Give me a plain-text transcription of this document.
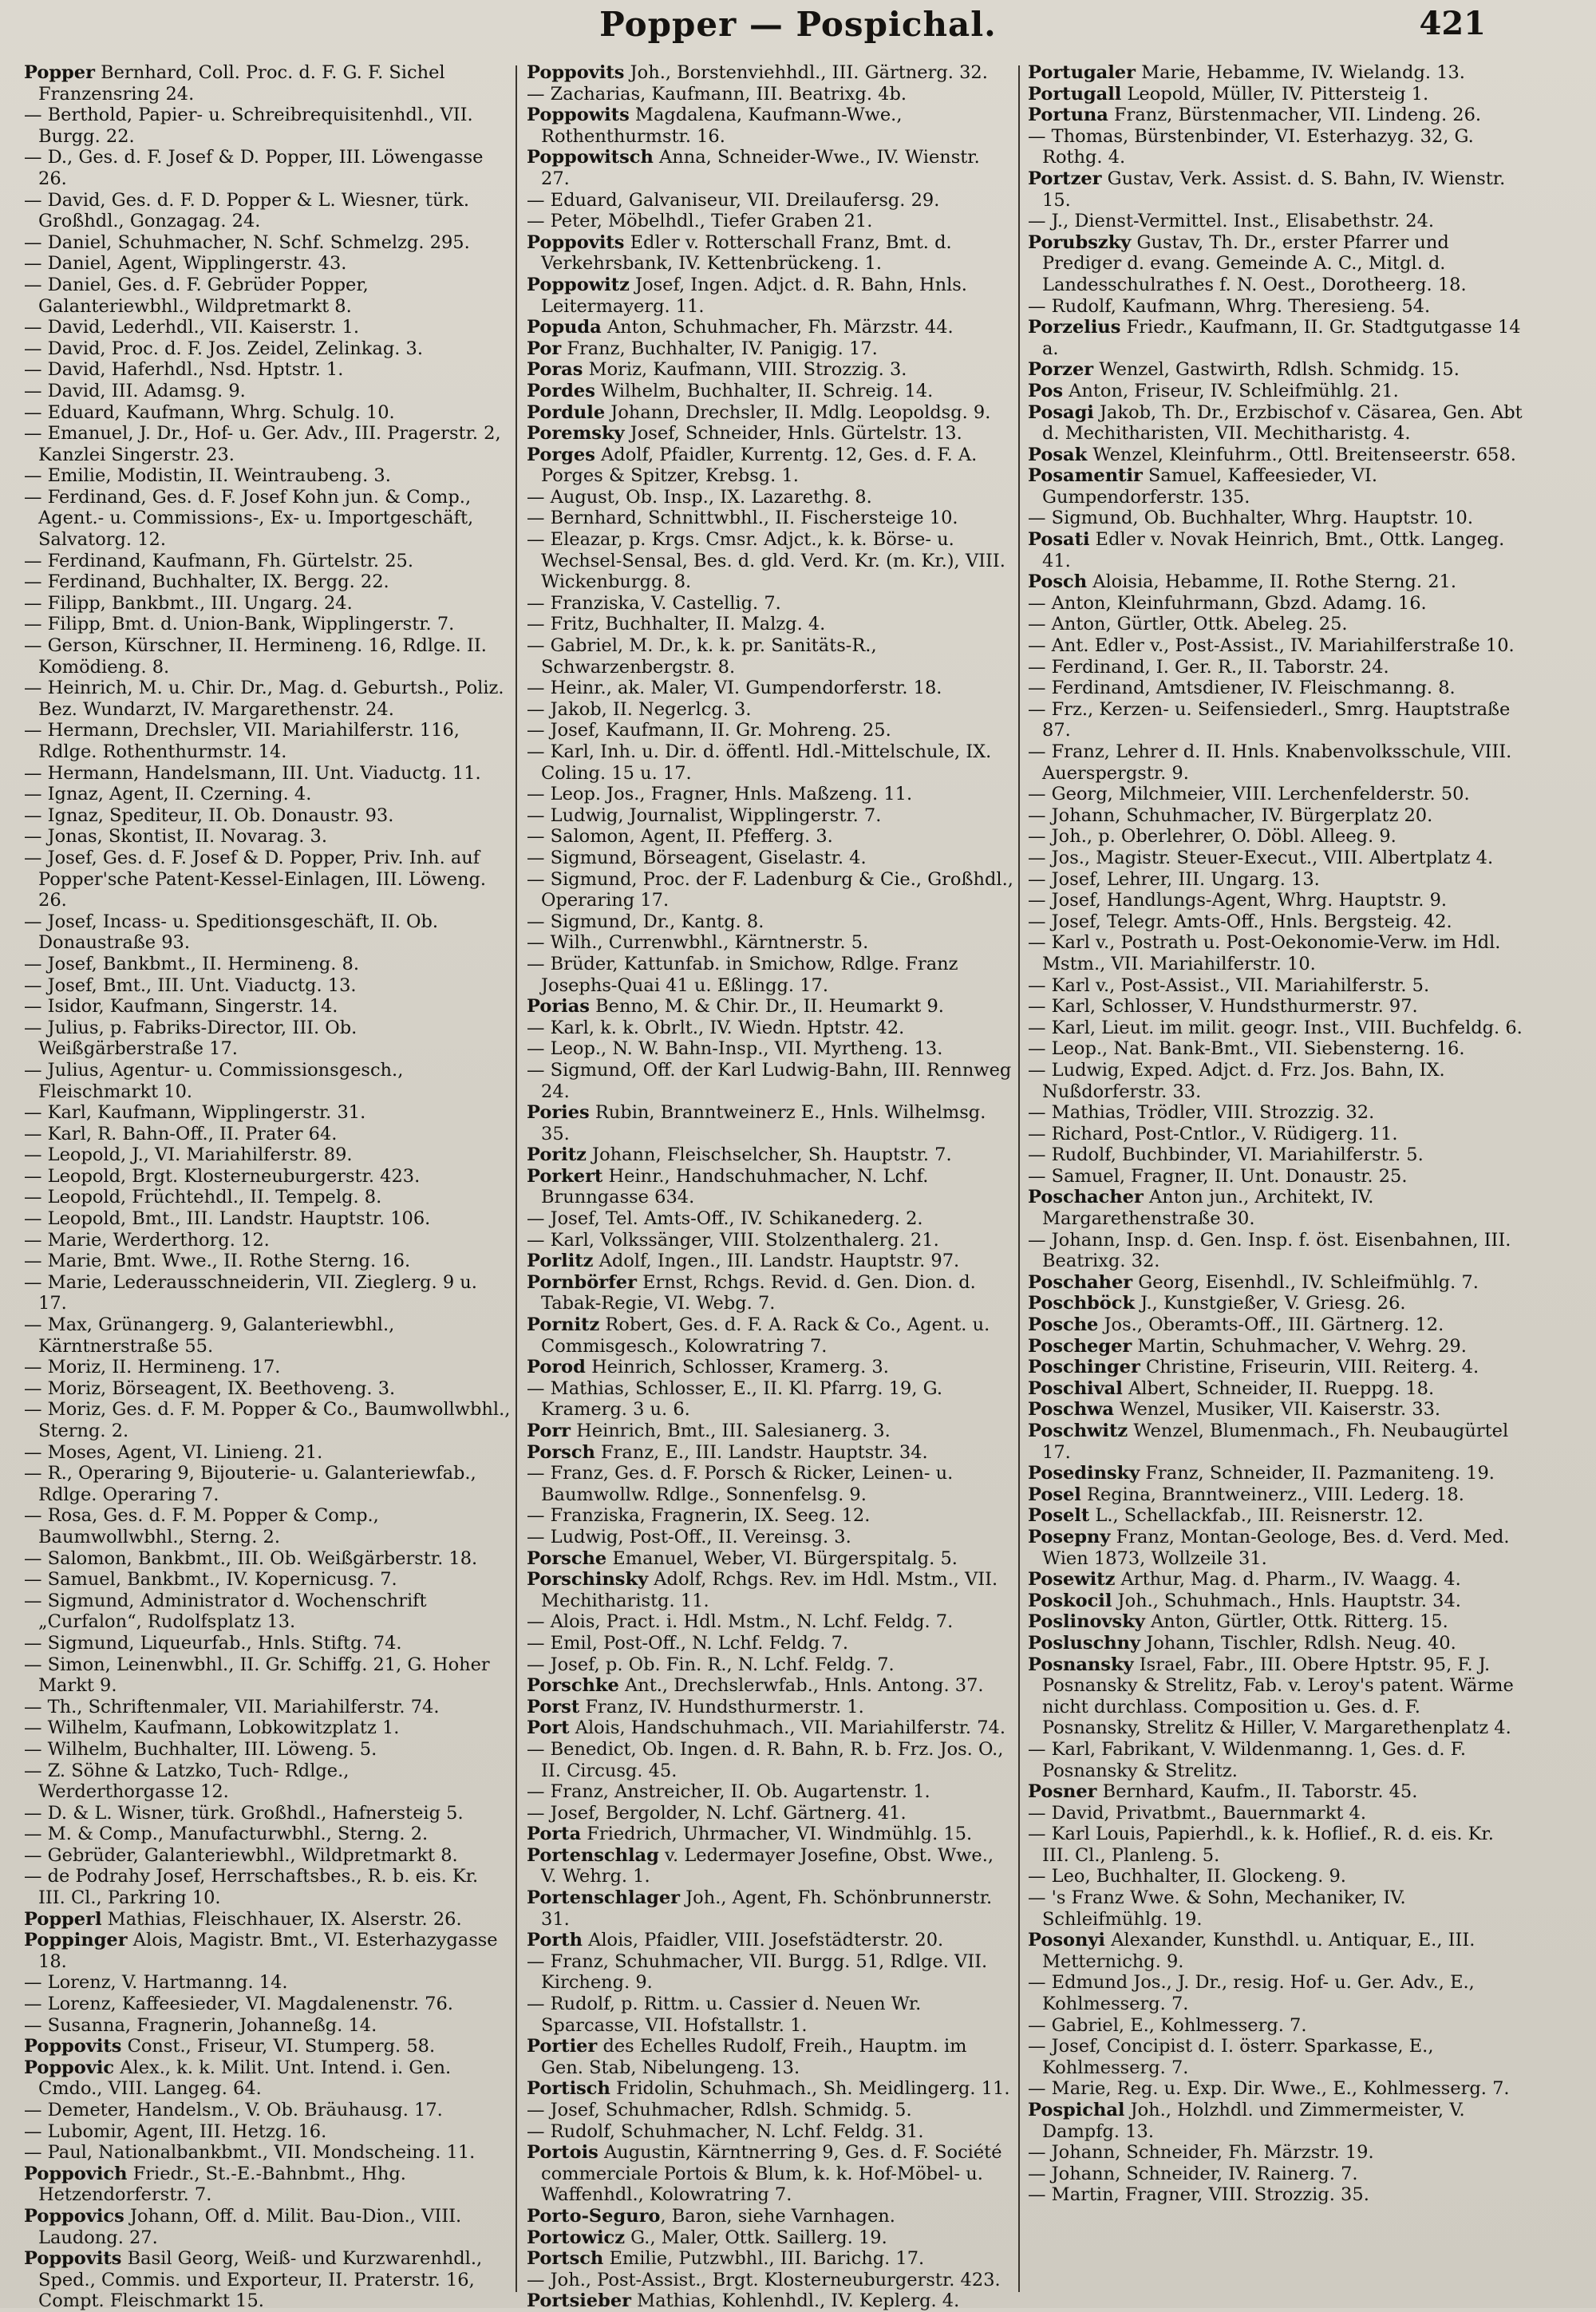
Popper — Pospichal.	421
Popper Bernhard, Coll. Proc. d. F. G. F. Sichel Franzensring 24.
— Berthold, Papier- u. Schreibrequisitenhdl., VII. Burgg. 22.
— D., Ges. d. F. Josef & D. Popper, III. Löwengasse 26.
— David, Ges. d. F. D. Popper & L. Wiesner, türk. Großhdl., Gonzagag. 24.
— Daniel, Schuhmacher, N. Schf. Schmelzg. 295.
— Daniel, Agent, Wipplingerstr. 43.
— Daniel, Ges. d. F. Gebrüder Popper, Galanteriewbhl., Wildpretmarkt 8.
— David, Lederhdl., VII. Kaiserstr. 1.
— David, Proc. d. F. Jos. Zeidel, Zelinkag. 3.
— David, Haferhdl., Nsd. Hptstr. 1.
— David, III. Adamsg. 9.
— Eduard, Kaufmann, Whrg. Schulg. 10.
— Emanuel, J. Dr., Hof- u. Ger. Adv., III. Pragerstr. 2, Kanzlei Singerstr. 23.
— Emilie, Modistin, II. Weintraubeng. 3.
— Ferdinand, Ges. d. F. Josef Kohn jun. & Comp., Agent.- u. Commissions-, Ex- u. Importgeschäft, Salvatorg. 12.
— Ferdinand, Kaufmann, Fh. Gürtelstr. 25.
— Ferdinand, Buchhalter, IX. Bergg. 22.
— Filipp, Bankbmt., III. Ungarg. 24.
— Filipp, Bmt. d. Union-Bank, Wipplingerstr. 7.
— Gerson, Kürschner, II. Hermineng. 16, Rdlge. II. Komödieng. 8.
— Heinrich, M. u. Chir. Dr., Mag. d. Geburtsh., Poliz. Bez. Wundarzt, IV. Margarethenstr. 24.
— Hermann, Drechsler, VII. Mariahilferstr. 116, Rdlge. Rothenthurmstr. 14.
— Hermann, Handelsmann, III. Unt. Viaductg. 11.
— Ignaz, Agent, II. Czerning. 4.
— Ignaz, Spediteur, II. Ob. Donaustr. 93.
— Jonas, Skontist, II. Novarag. 3.
— Josef, Ges. d. F. Josef & D. Popper, Priv. Inh. auf Popper'sche Patent-Kessel-Einlagen, III. Löweng. 26.
— Josef, Incass- u. Speditionsgeschäft, II. Ob. Donaustraße 93.
— Josef, Bankbmt., II. Hermineng. 8.
— Josef, Bmt., III. Unt. Viaductg. 13.
— Isidor, Kaufmann, Singerstr. 14.
— Julius, p. Fabriks-Director, III. Ob. Weißgärberstraße 17.
— Julius, Agentur- u. Commissionsgesch., Fleischmarkt 10.
— Karl, Kaufmann, Wipplingerstr. 31.
— Karl, R. Bahn-Off., II. Prater 64.
— Leopold, J., VI. Mariahilferstr. 89.
— Leopold, Brgt. Klosterneuburgerstr. 423.
— Leopold, Früchtehdl., II. Tempelg. 8.
— Leopold, Bmt., III. Landstr. Hauptstr. 106.
— Marie, Werderthorg. 12.
— Marie, Bmt. Wwe., II. Rothe Sterng. 16.
— Marie, Lederausschneiderin, VII. Zieglerg. 9 u. 17.
— Max, Grünangerg. 9, Galanteriewbhl., Kärntnerstraße 55.
— Moriz, II. Hermineng. 17.
— Moriz, Börseagent, IX. Beethoveng. 3.
— Moriz, Ges. d. F. M. Popper & Co., Baumwollwbhl., Sterng. 2.
— Moses, Agent, VI. Linieng. 21.
— R., Operaring 9, Bijouterie- u. Galanteriewfab., Rdlge. Operaring 7.
— Rosa, Ges. d. F. M. Popper & Comp., Baumwollwbhl., Sterng. 2.
— Salomon, Bankbmt., III. Ob. Weißgärberstr. 18.
— Samuel, Bankbmt., IV. Kopernicusg. 7.
— Sigmund, Administrator d. Wochenschrift „Curfalon“, Rudolfsplatz 13.
— Sigmund, Liqueurfab., Hnls. Stiftg. 74.
— Simon, Leinenwbhl., II. Gr. Schiffg. 21, G. Hoher Markt 9.
— Th., Schriftenmaler, VII. Mariahilferstr. 74.
— Wilhelm, Kaufmann, Lobkowitzplatz 1.
— Wilhelm, Buchhalter, III. Löweng. 5.
— Z. Söhne & Latzko, Tuch- Rdlge., Werderthorgasse 12.
— D. & L. Wisner, türk. Großhdl., Hafnersteig 5.
— M. & Comp., Manufacturwbhl., Sterng. 2.
— Gebrüder, Galanteriewbhl., Wildpretmarkt 8.
— de Podrahy Josef, Herrschaftsbes., R. b. eis. Kr. III. Cl., Parkring 10.
Popperl Mathias, Fleischhauer, IX. Alserstr. 26.
Poppinger Alois, Magistr. Bmt., VI. Esterhazygasse 18.
— Lorenz, V. Hartmanng. 14.
— Lorenz, Kaffeesieder, VI. Magdalenenstr. 76.
— Susanna, Fragnerin, Johanneßg. 14.
Poppovits Const., Friseur, VI. Stumperg. 58.
Poppovic Alex., k. k. Milit. Unt. Intend. i. Gen. Cmdo., VIII. Langeg. 64.
— Demeter, Handelsm., V. Ob. Bräuhausg. 17.
— Lubomir, Agent, III. Hetzg. 16.
— Paul, Nationalbankbmt., VII. Mondscheing. 11.
Poppovich Friedr., St.-E.-Bahnbmt., Hhg. Hetzendorferstr. 7.
Poppovics Johann, Off. d. Milit. Bau-Dion., VIII. Laudong. 27.
Poppovits Basil Georg, Weiß- und Kurzwarenhdl., Sped., Commis. und Exporteur, II. Praterstr. 16, Compt. Fleischmarkt 15.
Poppovits Joh., Borstenviehhdl., III. Gärtnerg. 32.
— Zacharias, Kaufmann, III. Beatrixg. 4b.
Poppowits Magdalena, Kaufmann-Wwe., Rothenthurmstr. 16.
Poppowitsch Anna, Schneider-Wwe., IV. Wienstr. 27.
— Eduard, Galvaniseur, VII. Dreilaufersg. 29.
— Peter, Möbelhdl., Tiefer Graben 21.
Poppovits Edler v. Rotterschall Franz, Bmt. d. Verkehrsbank, IV. Kettenbrückeng. 1.
Poppowitz Josef, Ingen. Adjct. d. R. Bahn, Hnls. Leitermayerg. 11.
Popuda Anton, Schuhmacher, Fh. Märzstr. 44.
Por Franz, Buchhalter, IV. Panigig. 17.
Poras Moriz, Kaufmann, VIII. Strozzig. 3.
Pordes Wilhelm, Buchhalter, II. Schreig. 14.
Pordule Johann, Drechsler, II. Mdlg. Leopoldsg. 9.
Poremsky Josef, Schneider, Hnls. Gürtelstr. 13.
Porges Adolf, Pfaidler, Kurrentg. 12, Ges. d. F. A. Porges & Spitzer, Krebsg. 1.
— August, Ob. Insp., IX. Lazarethg. 8.
— Bernhard, Schnittwbhl., II. Fischersteige 10.
— Eleazar, p. Krgs. Cmsr. Adjct., k. k. Börse- u. Wechsel-Sensal, Bes. d. gld. Verd. Kr. (m. Kr.), VIII. Wickenburgg. 8.
— Franziska, V. Castellig. 7.
— Fritz, Buchhalter, II. Malzg. 4.
— Gabriel, M. Dr., k. k. pr. Sanitäts-R., Schwarzenbergstr. 8.
— Heinr., ak. Maler, VI. Gumpendorferstr. 18.
— Jakob, II. Negerlcg. 3.
— Josef, Kaufmann, II. Gr. Mohreng. 25.
— Karl, Inh. u. Dir. d. öffentl. Hdl.-Mittelschule, IX. Coling. 15 u. 17.
— Leop. Jos., Fragner, Hnls. Maßzeng. 11.
— Ludwig, Journalist, Wipplingerstr. 7.
— Salomon, Agent, II. Pfefferg. 3.
— Sigmund, Börseagent, Giselastr. 4.
— Sigmund, Proc. der F. Ladenburg & Cie., Großhdl., Operaring 17.
— Sigmund, Dr., Kantg. 8.
— Wilh., Currenwbhl., Kärntnerstr. 5.
— Brüder, Kattunfab. in Smichow, Rdlge. Franz Josephs-Quai 41 u. Eßlingg. 17.
Porias Benno, M. & Chir. Dr., II. Heumarkt 9.
— Karl, k. k. Obrlt., IV. Wiedn. Hptstr. 42.
— Leop., N. W. Bahn-Insp., VII. Myrtheng. 13.
— Sigmund, Off. der Karl Ludwig-Bahn, III. Rennweg 24.
Pories Rubin, Branntweinerz E., Hnls. Wilhelmsg. 35.
Poritz Johann, Fleischselcher, Sh. Hauptstr. 7.
Porkert Heinr., Handschuhmacher, N. Lchf. Brunngasse 634.
— Josef, Tel. Amts-Off., IV. Schikanederg. 2.
— Karl, Volkssänger, VIII. Stolzenthalerg. 21.
Porlitz Adolf, Ingen., III. Landstr. Hauptstr. 97.
Pornbörfer Ernst, Rchgs. Revid. d. Gen. Dion. d. Tabak-Regie, VI. Webg. 7.
Pornitz Robert, Ges. d. F. A. Rack & Co., Agent. u. Commisgesch., Kolowratring 7.
Porod Heinrich, Schlosser, Kramerg. 3.
— Mathias, Schlosser, E., II. Kl. Pfarrg. 19, G. Kramerg. 3 u. 6.
Porr Heinrich, Bmt., III. Salesianerg. 3.
Porsch Franz, E., III. Landstr. Hauptstr. 34.
— Franz, Ges. d. F. Porsch & Ricker, Leinen- u. Baumwollw. Rdlge., Sonnenfelsg. 9.
— Franziska, Fragnerin, IX. Seeg. 12.
— Ludwig, Post-Off., II. Vereinsg. 3.
Porsche Emanuel, Weber, VI. Bürgerspitalg. 5.
Porschinsky Adolf, Rchgs. Rev. im Hdl. Mstm., VII. Mechitharistg. 11.
— Alois, Pract. i. Hdl. Mstm., N. Lchf. Feldg. 7.
— Emil, Post-Off., N. Lchf. Feldg. 7.
— Josef, p. Ob. Fin. R., N. Lchf. Feldg. 7.
Porschke Ant., Drechslerwfab., Hnls. Antong. 37.
Porst Franz, IV. Hundsthurmerstr. 1.
Port Alois, Handschuhmach., VII. Mariahilferstr. 74.
— Benedict, Ob. Ingen. d. R. Bahn, R. b. Frz. Jos. O., II. Circusg. 45.
— Franz, Anstreicher, II. Ob. Augartenstr. 1.
— Josef, Bergolder, N. Lchf. Gärtnerg. 41.
Porta Friedrich, Uhrmacher, VI. Windmühlg. 15.
Portenschlag v. Ledermayer Josefine, Obst. Wwe., V. Wehrg. 1.
Portenschlager Joh., Agent, Fh. Schönbrunnerstr. 31.
Porth Alois, Pfaidler, VIII. Josefstädterstr. 20.
— Franz, Schuhmacher, VII. Burgg. 51, Rdlge. VII. Kircheng. 9.
— Rudolf, p. Rittm. u. Cassier d. Neuen Wr. Sparcasse, VII. Hofstallstr. 1.
Portier des Echelles Rudolf, Freih., Hauptm. im Gen. Stab, Nibelungeng. 13.
Portisch Fridolin, Schuhmach., Sh. Meidlingerg. 11.
— Josef, Schuhmacher, Rdlsh. Schmidg. 5.
— Rudolf, Schuhmacher, N. Lchf. Feldg. 31.
Portois Augustin, Kärntnerring 9, Ges. d. F. Société commerciale Portois & Blum, k. k. Hof-Möbel- u. Waffenhdl., Kolowratring 7.
Porto-Seguro, Baron, siehe Varnhagen.
Portowicz G., Maler, Ottk. Saillerg. 19.
Portsch Emilie, Putzwbhl., III. Barichg. 17.
— Joh., Post-Assist., Brgt. Klosterneuburgerstr. 423.
Portsieber Mathias, Kohlenhdl., IV. Keplerg. 4.
Portugaler Marie, Hebamme, IV. Wielandg. 13.
Portugall Leopold, Müller, IV. Pittersteig 1.
Portuna Franz, Bürstenmacher, VII. Lindeng. 26.
— Thomas, Bürstenbinder, VI. Esterhazyg. 32, G. Rothg. 4.
Portzer Gustav, Verk. Assist. d. S. Bahn, IV. Wienstr. 15.
— J., Dienst-Vermittel. Inst., Elisabethstr. 24.
Porubszky Gustav, Th. Dr., erster Pfarrer und Prediger d. evang. Gemeinde A. C., Mitgl. d. Landesschulrathes f. N. Oest., Dorotheerg. 18.
— Rudolf, Kaufmann, Whrg. Theresieng. 54.
Porzelius Friedr., Kaufmann, II. Gr. Stadtgutgasse 14 a.
Porzer Wenzel, Gastwirth, Rdlsh. Schmidg. 15.
Pos Anton, Friseur, IV. Schleifmühlg. 21.
Posagi Jakob, Th. Dr., Erzbischof v. Cäsarea, Gen. Abt d. Mechitharisten, VII. Mechitharistg. 4.
Posak Wenzel, Kleinfuhrm., Ottl. Breitenseerstr. 658.
Posamentir Samuel, Kaffeesieder, VI. Gumpendorferstr. 135.
— Sigmund, Ob. Buchhalter, Whrg. Hauptstr. 10.
Posati Edler v. Novak Heinrich, Bmt., Ottk. Langeg. 41.
Posch Aloisia, Hebamme, II. Rothe Sterng. 21.
— Anton, Kleinfuhrmann, Gbzd. Adamg. 16.
— Anton, Gürtler, Ottk. Abeleg. 25.
— Ant. Edler v., Post-Assist., IV. Mariahilferstraße 10.
— Ferdinand, I. Ger. R., II. Taborstr. 24.
— Ferdinand, Amtsdiener, IV. Fleischmanng. 8.
— Frz., Kerzen- u. Seifensiederl., Smrg. Hauptstraße 87.
— Franz, Lehrer d. II. Hnls. Knabenvolksschule, VIII. Auerspergstr. 9.
— Georg, Milchmeier, VIII. Lerchenfelderstr. 50.
— Johann, Schuhmacher, IV. Bürgerplatz 20.
— Joh., p. Oberlehrer, O. Döbl. Alleeg. 9.
— Jos., Magistr. Steuer-Execut., VIII. Albertplatz 4.
— Josef, Lehrer, III. Ungarg. 13.
— Josef, Handlungs-Agent, Whrg. Hauptstr. 9.
— Josef, Telegr. Amts-Off., Hnls. Bergsteig. 42.
— Karl v., Postrath u. Post-Oekonomie-Verw. im Hdl. Mstm., VII. Mariahilferstr. 10.
— Karl v., Post-Assist., VII. Mariahilferstr. 5.
— Karl, Schlosser, V. Hundsthurmerstr. 97.
— Karl, Lieut. im milit. geogr. Inst., VIII. Buchfeldg. 6.
— Leop., Nat. Bank-Bmt., VII. Siebensterng. 16.
— Ludwig, Exped. Adjct. d. Frz. Jos. Bahn, IX. Nußdorferstr. 33.
— Mathias, Trödler, VIII. Strozzig. 32.
— Richard, Post-Cntlor., V. Rüdigerg. 11.
— Rudolf, Buchbinder, VI. Mariahilferstr. 5.
— Samuel, Fragner, II. Unt. Donaustr. 25.
Poschacher Anton jun., Architekt, IV. Margarethenstraße 30.
— Johann, Insp. d. Gen. Insp. f. öst. Eisenbahnen, III. Beatrixg. 32.
Poschaher Georg, Eisenhdl., IV. Schleifmühlg. 7.
Poschböck J., Kunstgießer, V. Griesg. 26.
Posche Jos., Oberamts-Off., III. Gärtnerg. 12.
Poscheger Martin, Schuhmacher, V. Wehrg. 29.
Poschinger Christine, Friseurin, VIII. Reiterg. 4.
Poschival Albert, Schneider, II. Rueppg. 18.
Poschwa Wenzel, Musiker, VII. Kaiserstr. 33.
Poschwitz Wenzel, Blumenmach., Fh. Neubaugürtel 17.
Posedinsky Franz, Schneider, II. Pazmaniteng. 19.
Posel Regina, Branntweinerz., VIII. Lederg. 18.
Poselt L., Schellackfab., III. Reisnerstr. 12.
Posepny Franz, Montan-Geologe, Bes. d. Verd. Med. Wien 1873, Wollzeile 31.
Posewitz Arthur, Mag. d. Pharm., IV. Waagg. 4.
Poskocil Joh., Schuhmach., Hnls. Hauptstr. 34.
Poslinovsky Anton, Gürtler, Ottk. Ritterg. 15.
Posluschny Johann, Tischler, Rdlsh. Neug. 40.
Posnansky Israel, Fabr., III. Obere Hptstr. 95, F. J. Posnansky & Strelitz, Fab. v. Leroy's patent. Wärme nicht durchlass. Composition u. Ges. d. F. Posnansky, Strelitz & Hiller, V. Margarethenplatz 4.
— Karl, Fabrikant, V. Wildenmanng. 1, Ges. d. F. Posnansky & Strelitz.
Posner Bernhard, Kaufm., II. Taborstr. 45.
— David, Privatbmt., Bauernmarkt 4.
— Karl Louis, Papierhdl., k. k. Hoflief., R. d. eis. Kr. III. Cl., Planleng. 5.
— Leo, Buchhalter, II. Glockeng. 9.
— 's Franz Wwe. & Sohn, Mechaniker, IV. Schleifmühlg. 19.
Posonyi Alexander, Kunsthdl. u. Antiquar, E., III. Metternichg. 9.
— Edmund Jos., J. Dr., resig. Hof- u. Ger. Adv., E., Kohlmesserg. 7.
— Gabriel, E., Kohlmesserg. 7.
— Josef, Concipist d. I. österr. Sparkasse, E., Kohlmesserg. 7.
— Marie, Reg. u. Exp. Dir. Wwe., E., Kohlmesserg. 7.
Pospichal Joh., Holzhdl. und Zimmermeister, V. Dampfg. 13.
— Johann, Schneider, Fh. Märzstr. 19.
— Johann, Schneider, IV. Rainerg. 7.
— Martin, Fragner, VIII. Strozzig. 35.
